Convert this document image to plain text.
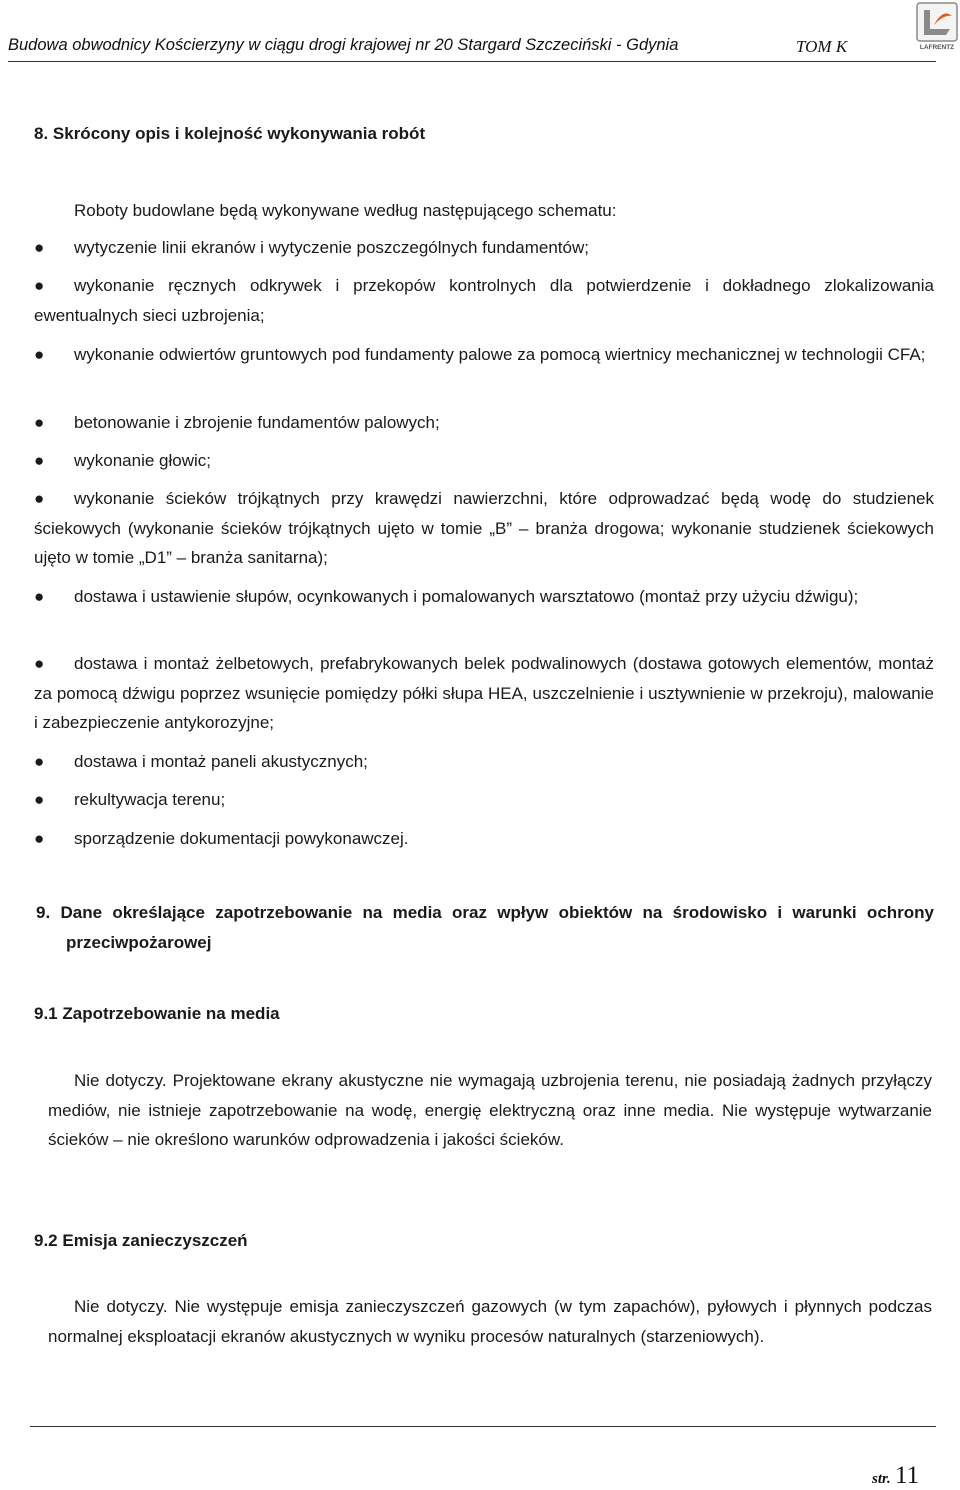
Budowa obwodnicy Kościerzyny w ciągu drogi krajowej nr 20 Stargard Szczeciński - Gdynia	TOM K	LAFRENTZ
8. Skrócony opis i kolejność wykonywania robót
Roboty budowlane będą wykonywane według następującego schematu:
●	wytyczenie linii ekranów i wytyczenie poszczególnych fundamentów;
●	wykonanie ręcznych odkrywek i przekopów kontrolnych dla potwierdzenie i dokładnego zlokalizowania ewentualnych sieci uzbrojenia;
●	wykonanie odwiertów gruntowych pod fundamenty palowe za pomocą wiertnicy mechanicznej w technologii CFA;
●	betonowanie i zbrojenie fundamentów palowych;
●	wykonanie głowic;
●	wykonanie ścieków trójkątnych przy krawędzi nawierzchni, które odprowadzać będą wodę do studzienek ściekowych (wykonanie ścieków trójkątnych ujęto w tomie „B” – branża drogowa; wykonanie studzienek ściekowych ujęto w tomie „D1” – branża sanitarna);
●	dostawa i ustawienie słupów, ocynkowanych i pomalowanych warsztatowo (montaż przy użyciu dźwigu);
●	dostawa i montaż żelbetowych, prefabrykowanych belek podwalinowych (dostawa gotowych elementów, montaż za pomocą dźwigu poprzez wsunięcie pomiędzy półki słupa HEA, uszczelnienie i usztywnienie w przekroju), malowanie i zabezpieczenie antykorozyjne;
●	dostawa i montaż paneli akustycznych;
●	rekultywacja terenu;
●	sporządzenie dokumentacji powykonawczej.
9. Dane określające zapotrzebowanie na media oraz wpływ obiektów na środowisko i warunki ochrony przeciwpożarowej
9.1 Zapotrzebowanie na media
Nie dotyczy. Projektowane ekrany akustyczne nie wymagają uzbrojenia terenu, nie posiadają żadnych przyłączy mediów, nie istnieje zapotrzebowanie na wodę, energię elektryczną oraz inne media. Nie występuje wytwarzanie ścieków – nie określono warunków odprowadzenia i jakości ścieków.
9.2 Emisja zanieczyszczeń
Nie dotyczy. Nie występuje emisja zanieczyszczeń gazowych (w tym zapachów), pyłowych i płynnych podczas normalnej eksploatacji ekranów akustycznych w wyniku procesów naturalnych (starzeniowych).
str. 11
